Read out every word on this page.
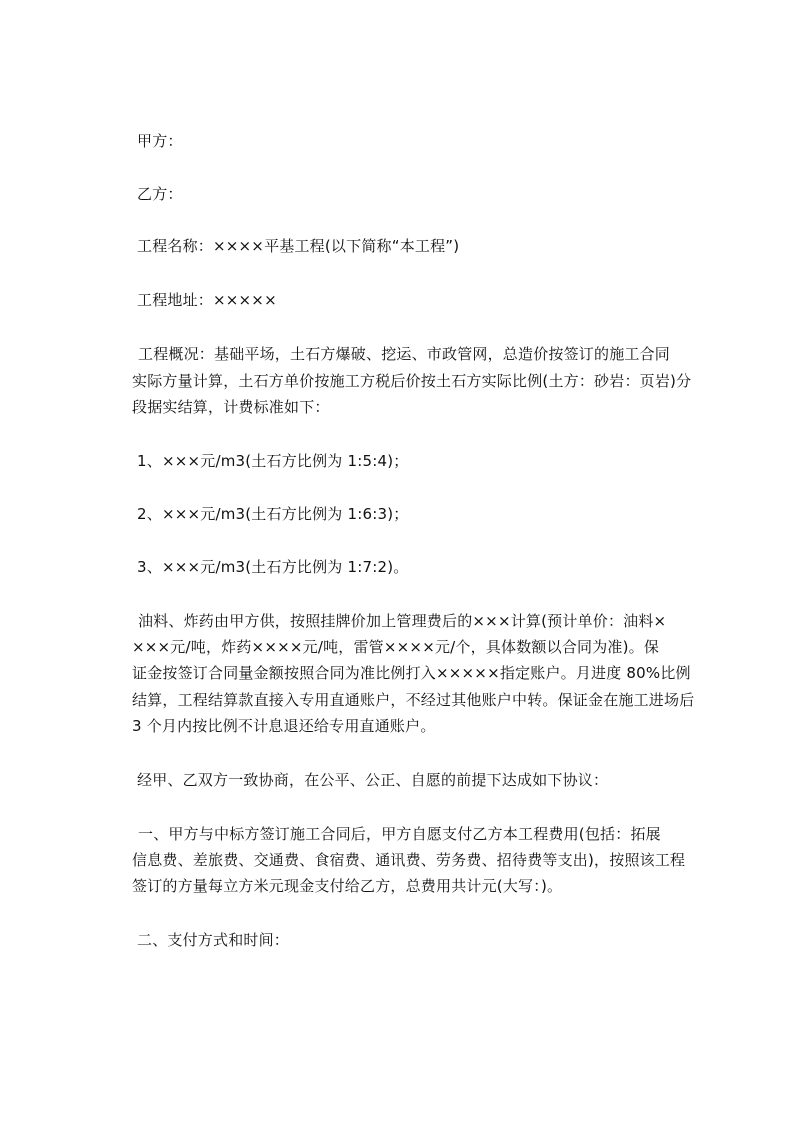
甲方：

乙方：

工程名称：××××平基工程(以下简称“本工程”)

工程地址：×××××

工程概况：基础平场，土石方爆破、挖运、市政管网，总造价按签订的施工合同

实际方量计算，土石方单价按施工方税后价按土石方实际比例(土方：砂岩：页岩)分

段据实结算，计费标准如下：

1、×××元/m3(土石方比例为 1:5:4)；

2、×××元/m3(土石方比例为 1:6:3)；

3、×××元/m3(土石方比例为 1:7:2)。

油料、炸药由甲方供，按照挂牌价加上管理费后的×××计算(预计单价：油料×

×××元/吨，炸药××××元/吨，雷管××××元/个，具体数额以合同为准)。保

证金按签订合同量金额按照合同为准比例打入×××××指定账户。月进度 80%比例

结算，工程结算款直接入专用直通账户，不经过其他账户中转。保证金在施工进场后

3 个月内按比例不计息退还给专用直通账户。

经甲、乙双方一致协商，在公平、公正、自愿的前提下达成如下协议：

一、甲方与中标方签订施工合同后，甲方自愿支付乙方本工程费用(包括：拓展

信息费、差旅费、交通费、食宿费、通讯费、劳务费、招待费等支出)，按照该工程

签订的方量每立方米元现金支付给乙方，总费用共计元(大写：)。

二、支付方式和时间：
